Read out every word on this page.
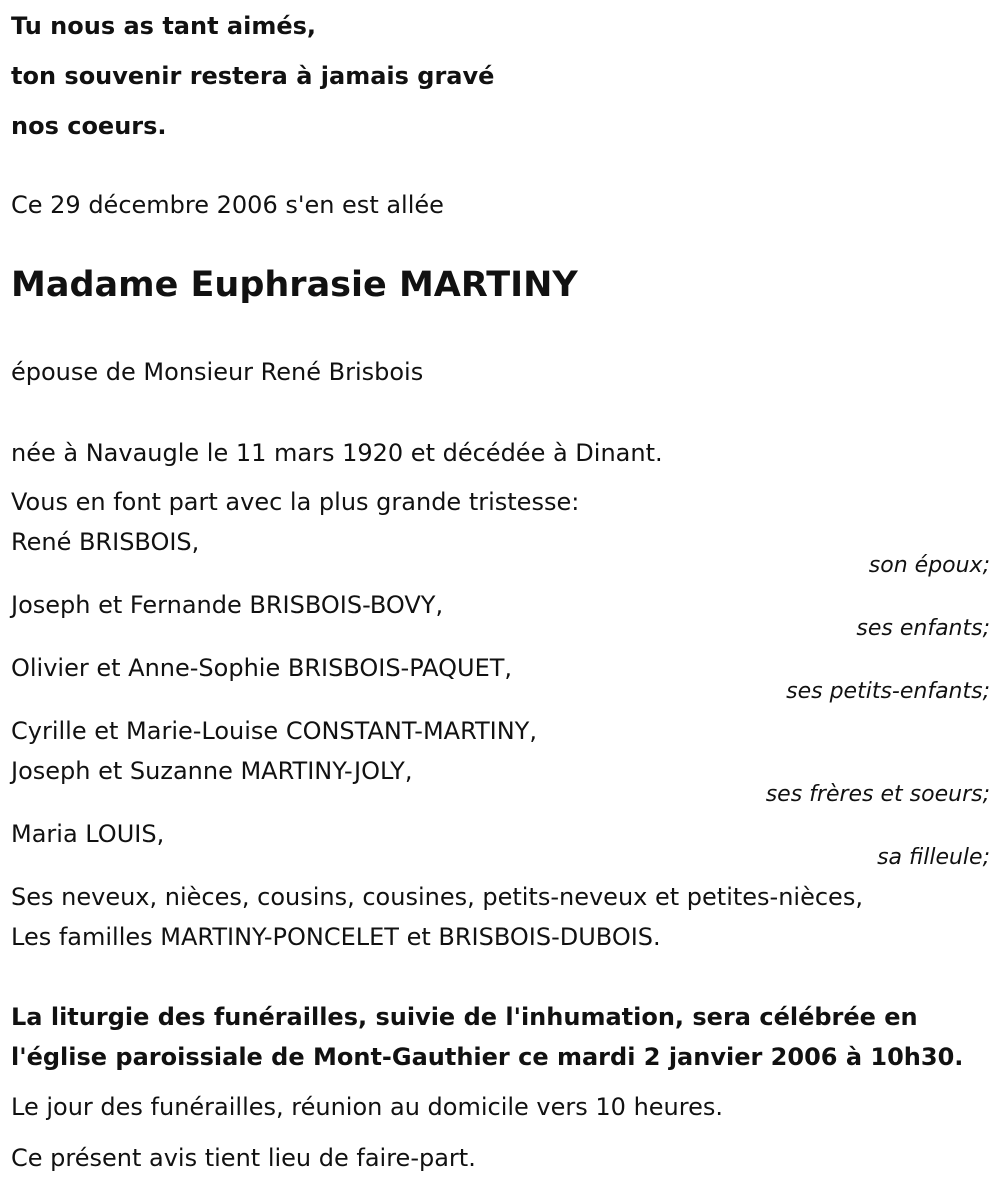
Tu nous as tant aimés,
ton souvenir restera à jamais gravé
nos coeurs.
Ce 29 décembre 2006 s'en est allée
Madame Euphrasie MARTINY
épouse de Monsieur René Brisbois
née à Navaugle le 11 mars 1920 et décédée à Dinant.
Vous en font part avec la plus grande tristesse:
René BRISBOIS,
son époux;
Joseph et Fernande BRISBOIS-BOVY,
ses enfants;
Olivier et Anne-Sophie BRISBOIS-PAQUET,
ses petits-enfants;
Cyrille et Marie-Louise CONSTANT-MARTINY,
Joseph et Suzanne MARTINY-JOLY,
ses frères et soeurs;
Maria LOUIS,
sa filleule;
Ses neveux, nièces, cousins, cousines, petits-neveux et petites-nièces,
Les familles MARTINY-PONCELET et BRISBOIS-DUBOIS.
La liturgie des funérailles, suivie de l'inhumation, sera célébrée en
l'église paroissiale de Mont-Gauthier ce mardi 2 janvier 2006 à 10h30.
Le jour des funérailles, réunion au domicile vers 10 heures.
Ce présent avis tient lieu de faire-part.
